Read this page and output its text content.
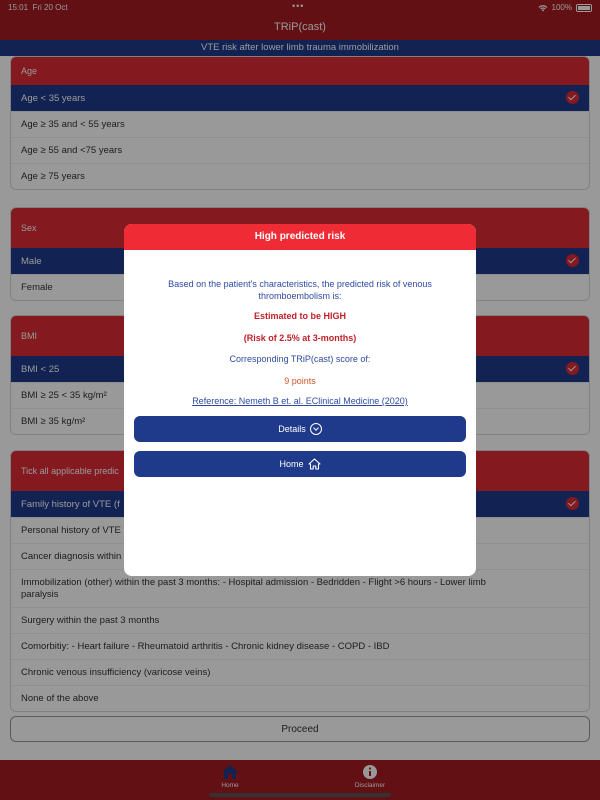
15:01 Fri 20 Oct	•••	100%
TRiP(cast)
VTE risk after lower limb trauma immobilization
Age
Age < 35 years
Age ≥ 35 and < 55 years
Age ≥ 55 and <75 years
Age ≥ 75 years
Sex
Male
Female
BMI
BMI < 25
BMI ≥ 25 < 35 kg/m²
BMI ≥ 35 kg/m²
Tick all applicable predic
Family history of VTE (f
Personal history of VTE
Cancer diagnosis within
Immobilization (other) within the past 3 months: - Hospital admission - Bedridden - Flight >6 hours - Lower limb paralysis
Surgery within the past 3 months
Comorbitiy: - Heart failure - Rheumatoid arthritis - Chronic kidney disease - COPD - IBD
Chronic venous insufficiency (varicose veins)
None of the above
Proceed
Home	Disclaimer
High predicted risk
Based on the patient's characteristics, the predicted risk of venous
thromboembolism is:
Estimated to be HIGH
(Risk of 2.5% at 3-months)
Corresponding TRiP(cast) score of:
9 points
Reference: Nemeth B et. al. EClinical Medicine (2020)
Details
Home
